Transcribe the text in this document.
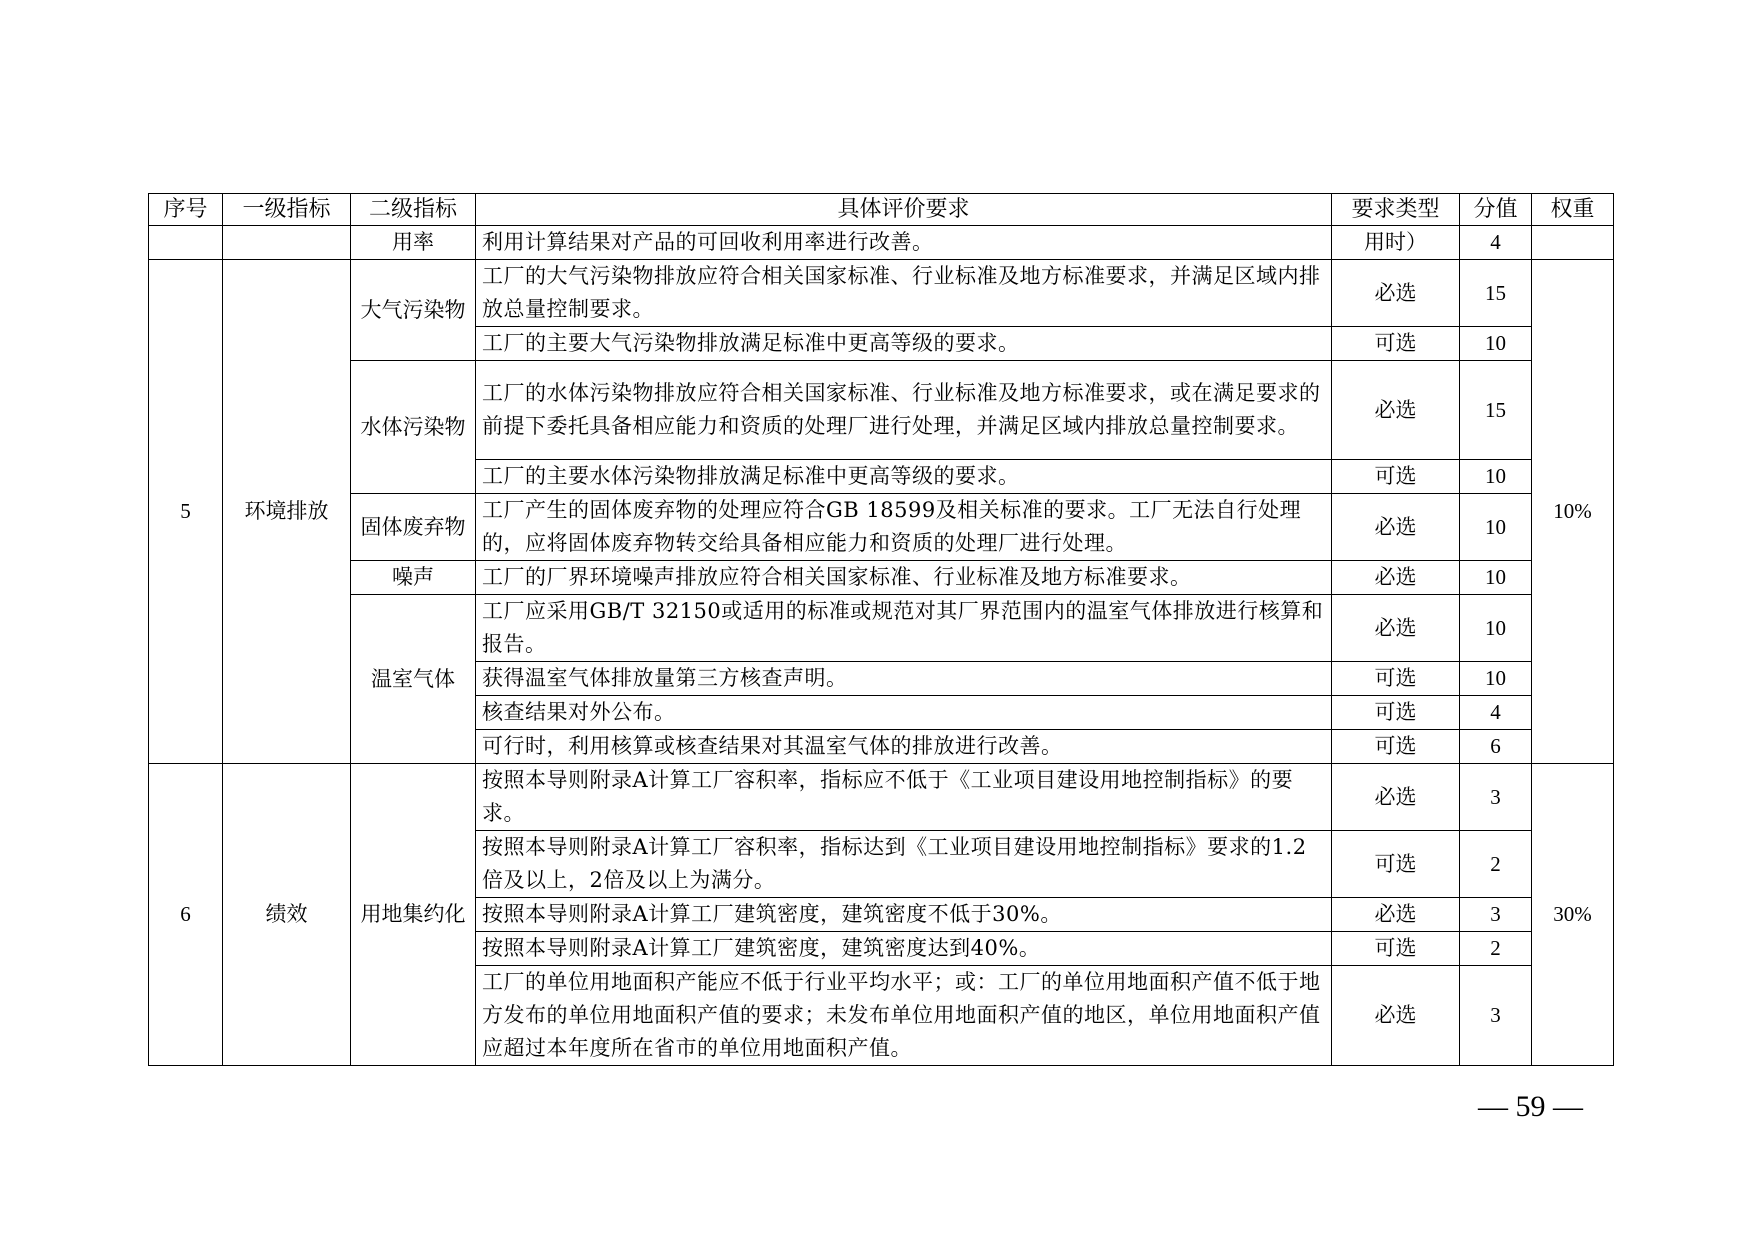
序号	一级指标	二级指标	具体评价要求	要求类型	分值	权重
		用率	利用计算结果对产品的可回收利用率进行改善。	用时）	4	
5	环境排放	大气污染物	工厂的大气污染物排放应符合相关国家标准、行业标准及地方标准要求，并满足区域内排放总量控制要求。	必选	15	10%
			工厂的主要大气污染物排放满足标准中更高等级的要求。	可选	10	
		水体污染物	工厂的水体污染物排放应符合相关国家标准、行业标准及地方标准要求，或在满足要求的前提下委托具备相应能力和资质的处理厂进行处理，并满足区域内排放总量控制要求。	必选	15	
			工厂的主要水体污染物排放满足标准中更高等级的要求。	可选	10	
		固体废弃物	工厂产生的固体废弃物的处理应符合GB 18599及相关标准的要求。工厂无法自行处理的，应将固体废弃物转交给具备相应能力和资质的处理厂进行处理。	必选	10	
		噪声	工厂的厂界环境噪声排放应符合相关国家标准、行业标准及地方标准要求。	必选	10	
		温室气体	工厂应采用GB/T 32150或适用的标准或规范对其厂界范围内的温室气体排放进行核算和报告。	必选	10	
			获得温室气体排放量第三方核查声明。	可选	10	
			核查结果对外公布。	可选	4	
			可行时，利用核算或核查结果对其温室气体的排放进行改善。	可选	6	
6	绩效	用地集约化	按照本导则附录A计算工厂容积率，指标应不低于《工业项目建设用地控制指标》的要求。	必选	3	30%
			按照本导则附录A计算工厂容积率，指标达到《工业项目建设用地控制指标》要求的1.2倍及以上，2倍及以上为满分。	可选	2	
			按照本导则附录A计算工厂建筑密度，建筑密度不低于30%。	必选	3	
			按照本导则附录A计算工厂建筑密度，建筑密度达到40%。	可选	2	
			工厂的单位用地面积产能应不低于行业平均水平；或：工厂的单位用地面积产值不低于地方发布的单位用地面积产值的要求；未发布单位用地面积产值的地区，单位用地面积产值应超过本年度所在省市的单位用地面积产值。	必选	3	
— 59 —
